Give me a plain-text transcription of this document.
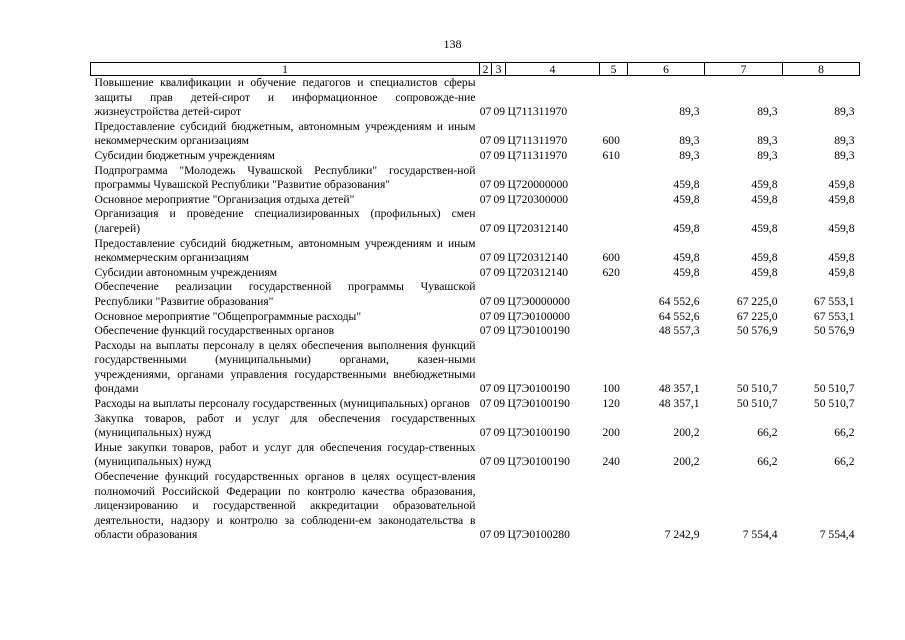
138
1	2	3	4	5	6	7	8
Повышение квалификации и обучение педагогов и специалистов сферы защиты прав детей-сирот и информационное сопровожде-ние жизнеустройства детей-сирот	07	09	Ц711311970		89,3	89,3	89,3
Предоставление субсидий бюджетным, автономным учреждениям и иным некоммерческим организациям	07	09	Ц711311970	600	89,3	89,3	89,3
Субсидии бюджетным учреждениям	07	09	Ц711311970	610	89,3	89,3	89,3
Подпрограмма "Молодежь Чувашской Республики" государствен-ной программы Чувашской Республики "Развитие образования"	07	09	Ц720000000		459,8	459,8	459,8
Основное мероприятие "Организация отдыха детей"	07	09	Ц720300000		459,8	459,8	459,8
Организация и проведение специализированных (профильных) смен (лагерей)	07	09	Ц720312140		459,8	459,8	459,8
Предоставление субсидий бюджетным, автономным учреждениям и иным некоммерческим организациям	07	09	Ц720312140	600	459,8	459,8	459,8
Субсидии автономным учреждениям	07	09	Ц720312140	620	459,8	459,8	459,8
Обеспечение реализации государственной программы Чувашской Республики "Развитие образования"	07	09	Ц7Э0000000		64 552,6	67 225,0	67 553,1
Основное мероприятие "Общепрограммные расходы"	07	09	Ц7Э0100000		64 552,6	67 225,0	67 553,1
Обеспечение функций государственных органов	07	09	Ц7Э0100190		48 557,3	50 576,9	50 576,9
Расходы на выплаты персоналу в целях обеспечения выполнения функций государственными (муниципальными) органами, казен-ными учреждениями, органами управления государственными внебюджетными фондами	07	09	Ц7Э0100190	100	48 357,1	50 510,7	50 510,7
Расходы на выплаты персоналу государственных (муниципальных) органов	07	09	Ц7Э0100190	120	48 357,1	50 510,7	50 510,7
Закупка товаров, работ и услуг для обеспечения государственных (муниципальных) нужд	07	09	Ц7Э0100190	200	200,2	66,2	66,2
Иные закупки товаров, работ и услуг для обеспечения государ-ственных (муниципальных) нужд	07	09	Ц7Э0100190	240	200,2	66,2	66,2
Обеспечение функций государственных органов в целях осущест-вления полномочий Российской Федерации по контролю качества образования, лицензированию и государственной аккредитации образовательной деятельности, надзору и контролю за соблюдени-ем законодательства в области образования	07	09	Ц7Э0100280		7 242,9	7 554,4	7 554,4
